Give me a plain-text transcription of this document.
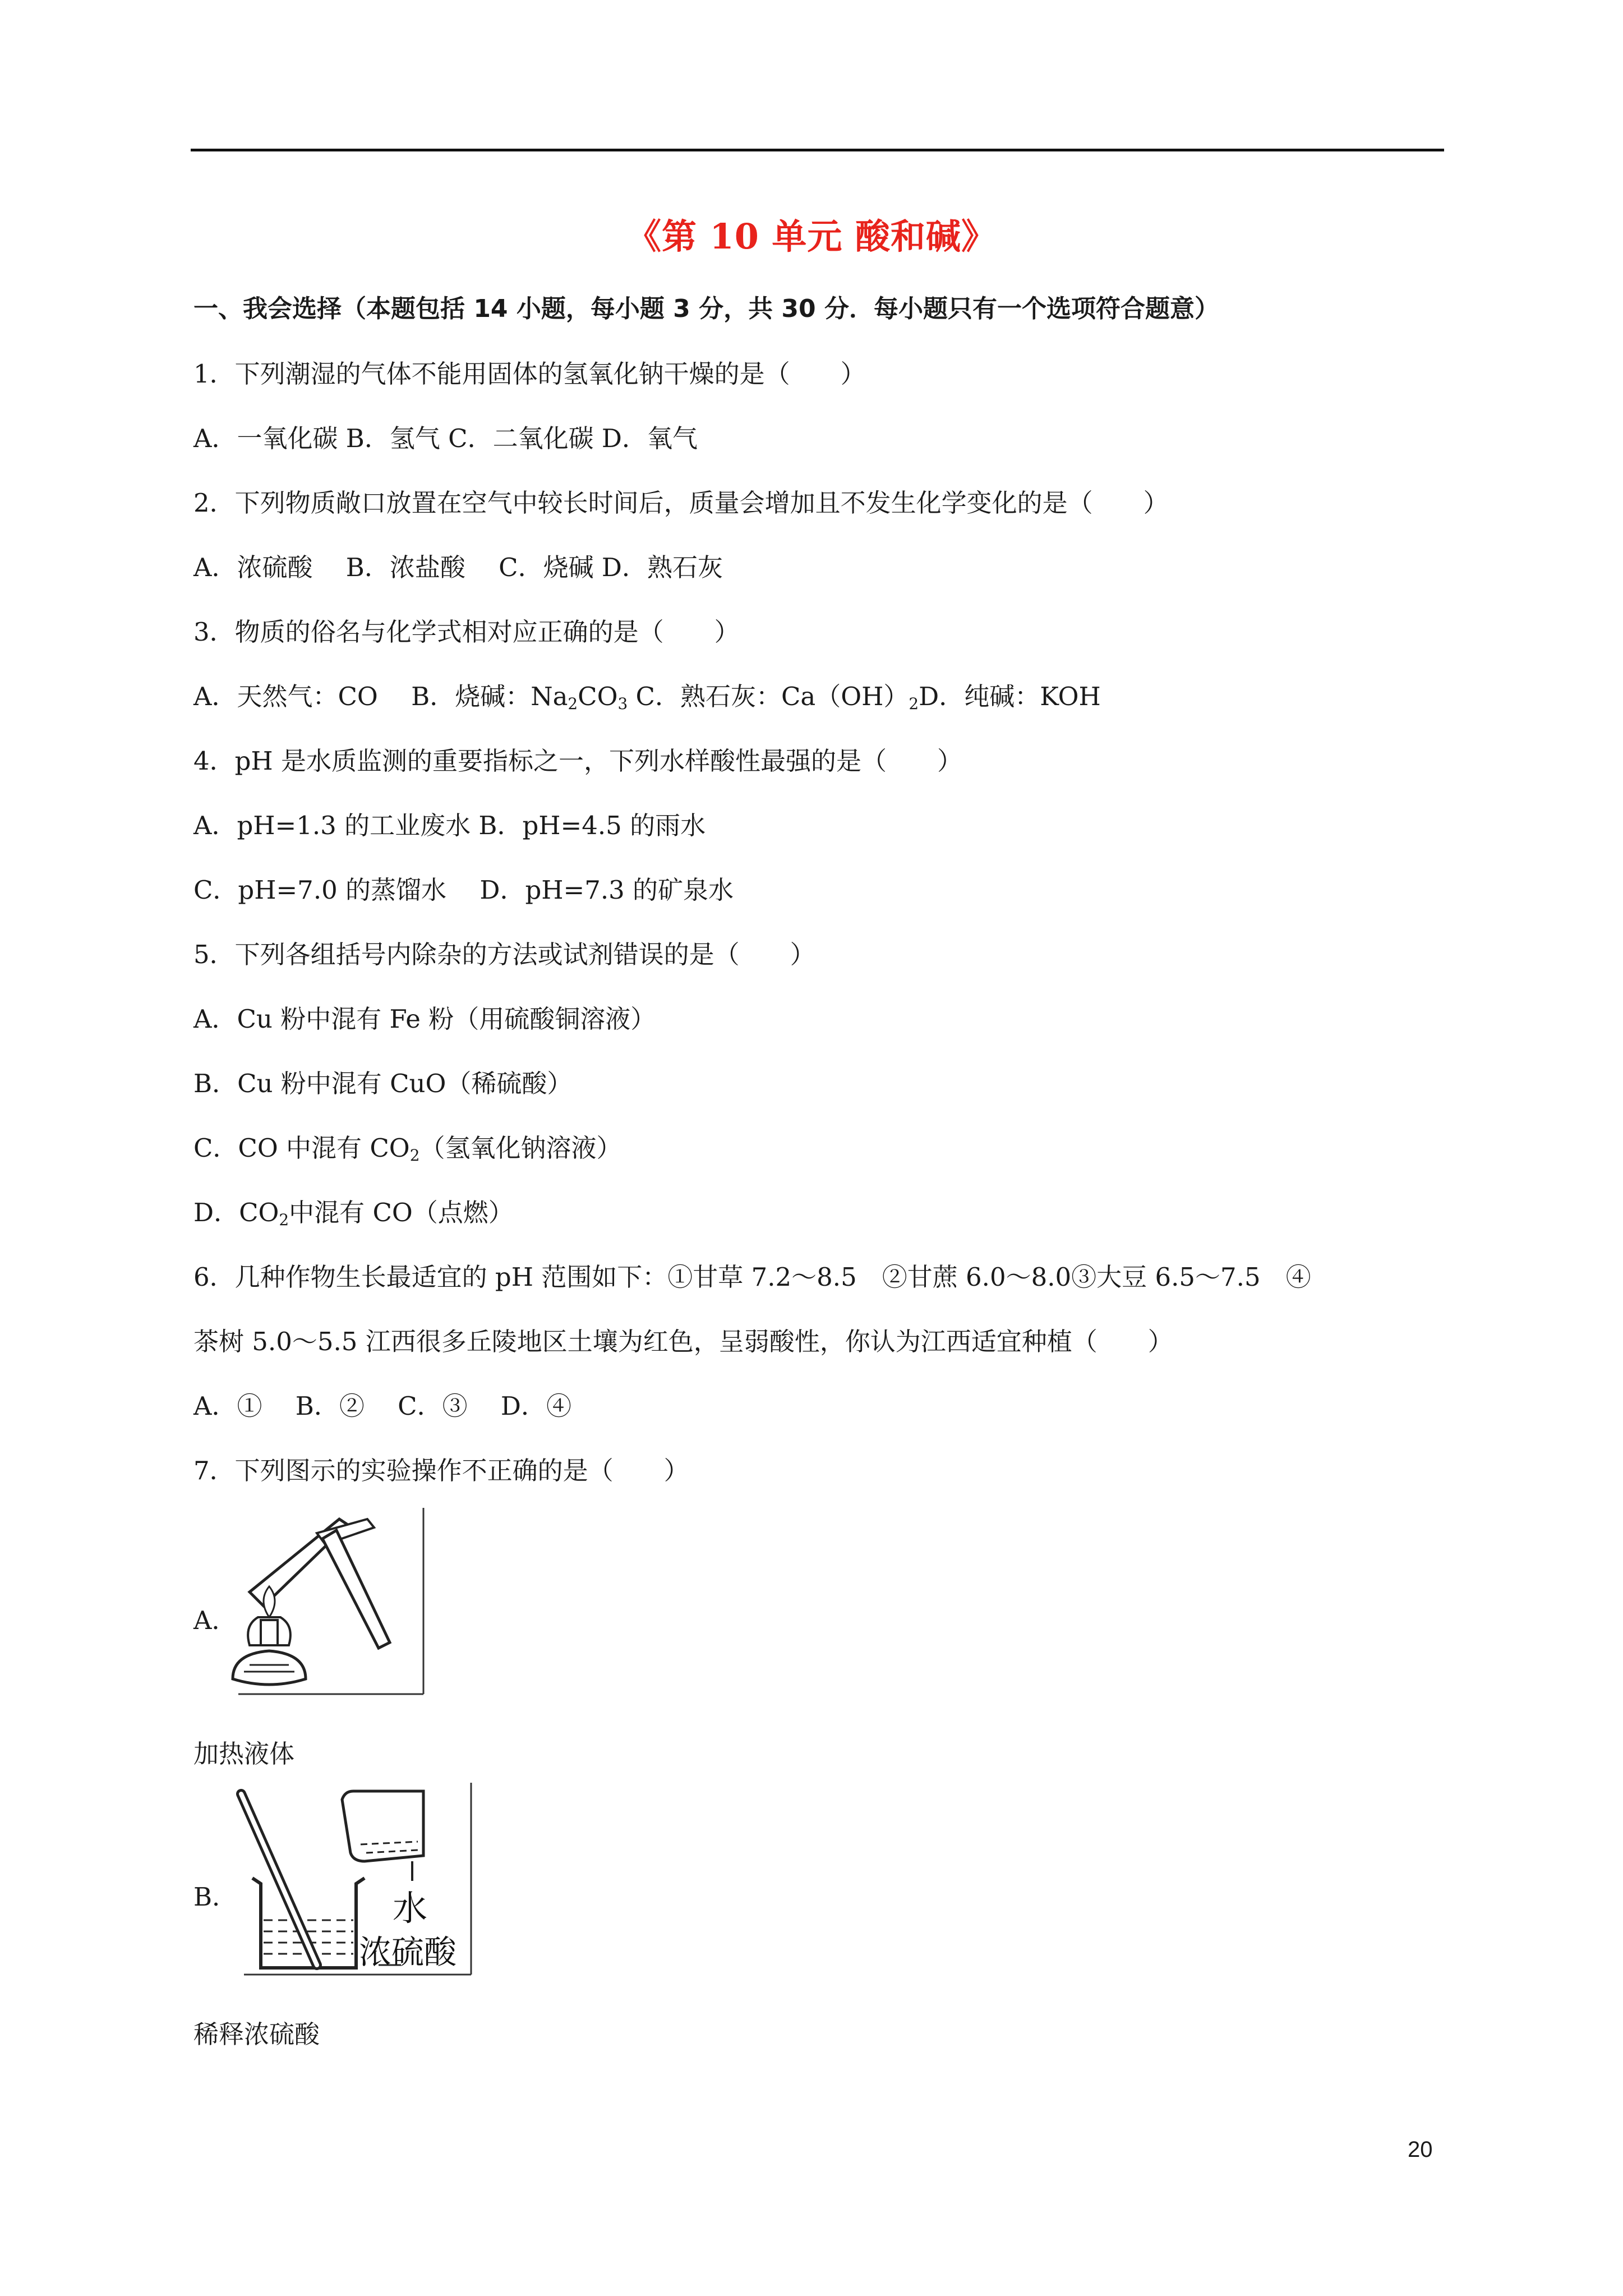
《第 10 单元 酸和碱》
一、我会选择（本题包括 14 小题，每小题 3 分，共 30 分．每小题只有一个选项符合题意）
1．下列潮湿的气体不能用固体的氢氧化钠干燥的是（　　）
A．一氧化碳 B．氢气 C．二氧化碳 D．氧气
2．下列物质敞口放置在空气中较长时间后，质量会增加且不发生化学变化的是（　　）
A．浓硫酸　 B．浓盐酸　 C．烧碱 D．熟石灰
3．物质的俗名与化学式相对应正确的是（　　）
A．天然气：CO　 B．烧碱：$Na_2CO_3$ C．熟石灰：$Ca(OH)_2D$．纯碱：KOH
4．pH 是水质监测的重要指标之一，下列水样酸性最强的是（　　）
A．pH=1.3 的工业废水 B．pH=4.5 的雨水
C．pH=7.0 的蒸馏水　 D．pH=7.3 的矿泉水
5．下列各组括号内除杂的方法或试剂错误的是（　　）
A．Cu 粉中混有 Fe 粉（用硫酸铜溶液）
B．Cu 粉中混有 CuO（稀硫酸）
C．CO 中混有 $CO_2$（氢氧化钠溶液）
D．$CO_2$中混有 CO（点燃）
6．几种作物生长最适宜的 pH 范围如下：①甘草 7.2～8.5　②甘蔗 6.0～8.0③大豆 6.5～7.5　④
茶树 5.0～5.5 江西很多丘陵地区土壤为红色，呈弱酸性，你认为江西适宜种植（　　）
A．①　 B．②　 C．③　 D．④
7．下列图示的实验操作不正确的是（　　）
A．
加热液体
B．	水
浓硫酸
稀释浓硫酸
20
